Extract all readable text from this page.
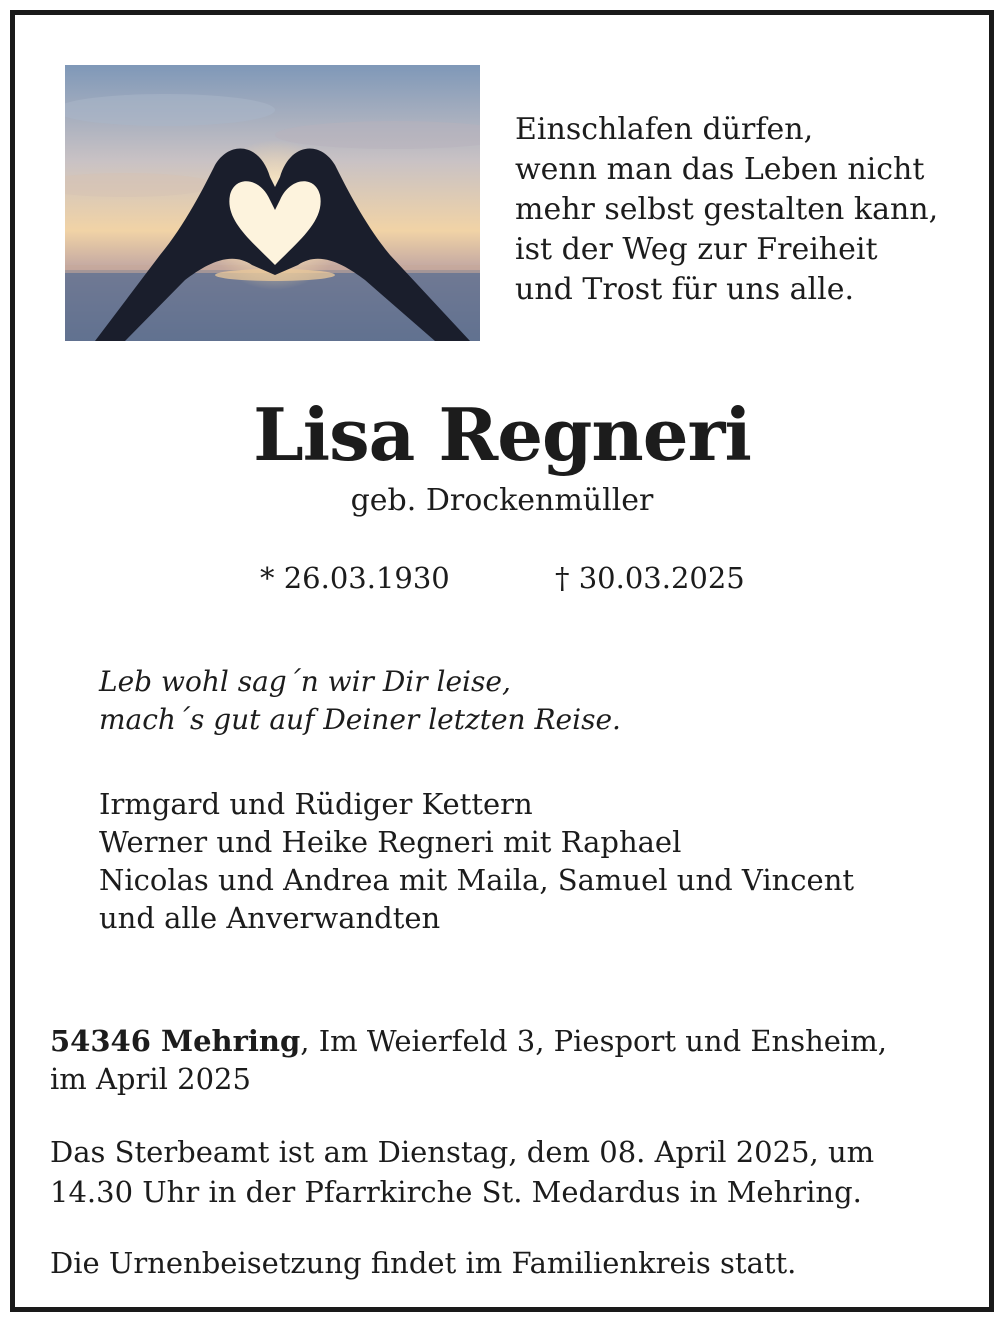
Einschlafen dürfen,
wenn man das Leben nicht
mehr selbst gestalten kann,
ist der Weg zur Freiheit
und Trost für uns alle.
Lisa Regneri
geb. Drockenmüller
* 26.03.1930	† 30.03.2025
Leb wohl sag´n wir Dir leise,
mach´s gut auf Deiner letzten Reise.
Irmgard und Rüdiger Kettern
Werner und Heike Regneri mit Raphael
Nicolas und Andrea mit Maila, Samuel und Vincent
und alle Anverwandten
54346 Mehring, Im Weierfeld 3, Piesport und Ensheim,
im April 2025
Das Sterbeamt ist am Dienstag, dem 08. April 2025, um
14.30 Uhr in der Pfarrkirche St. Medardus in Mehring.
Die Urnenbeisetzung findet im Familienkreis statt.
